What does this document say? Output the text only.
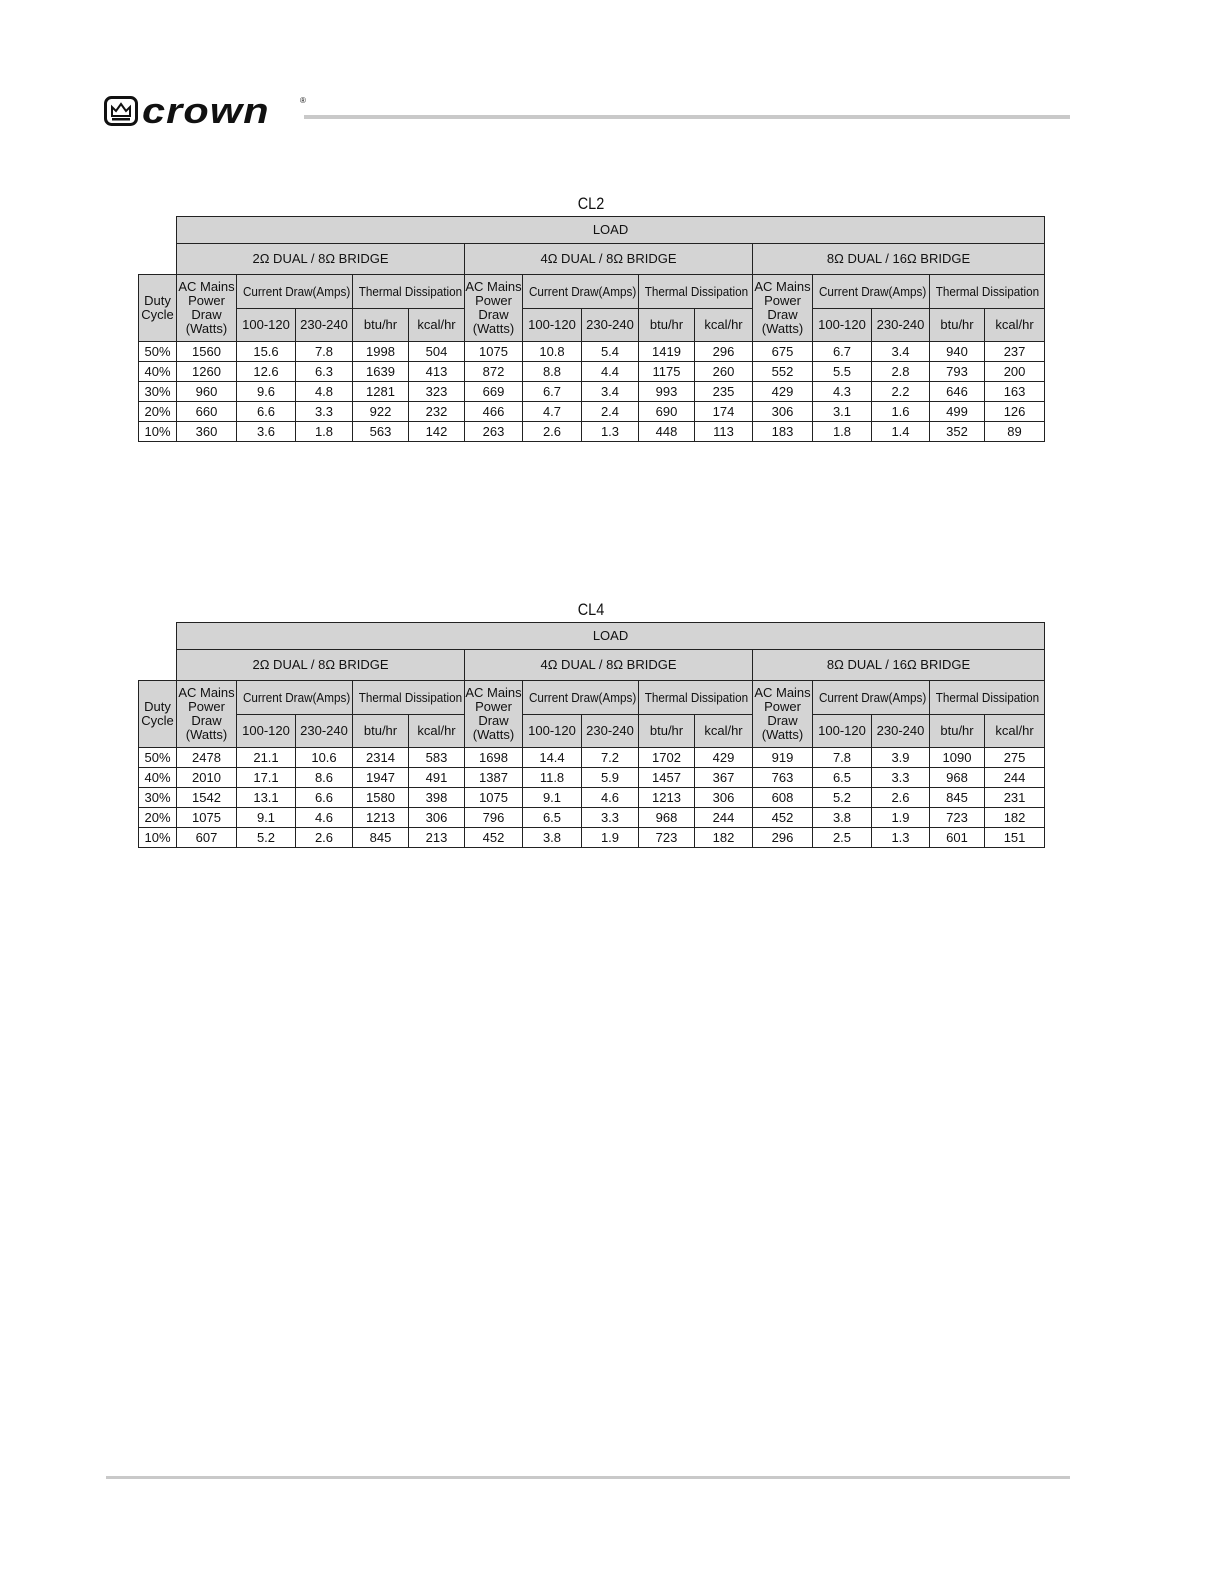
crown	®
CL2
	LOAD														
	2Ω DUAL / 8Ω BRIDGE					4Ω DUAL / 8Ω BRIDGE					8Ω DUAL / 16Ω BRIDGE				
Duty Cycle	AC Mains Power Draw (Watts)	Current Draw(Amps)		Thermal Dissipation		AC Mains Power Draw (Watts)	Current Draw(Amps)		Thermal Dissipation		AC Mains Power Draw (Watts)	Current Draw(Amps)		Thermal Dissipation	
		100-120	230-240	btu/hr	kcal/hr		100-120	230-240	btu/hr	kcal/hr		100-120	230-240	btu/hr	kcal/hr
50%	1560	15.6	7.8	1998	504	1075	10.8	5.4	1419	296	675	6.7	3.4	940	237
40%	1260	12.6	6.3	1639	413	872	8.8	4.4	1175	260	552	5.5	2.8	793	200
30%	960	9.6	4.8	1281	323	669	6.7	3.4	993	235	429	4.3	2.2	646	163
20%	660	6.6	3.3	922	232	466	4.7	2.4	690	174	306	3.1	1.6	499	126
10%	360	3.6	1.8	563	142	263	2.6	1.3	448	113	183	1.8	1.4	352	89
CL4
	LOAD														
	2Ω DUAL / 8Ω BRIDGE					4Ω DUAL / 8Ω BRIDGE					8Ω DUAL / 16Ω BRIDGE				
Duty Cycle	AC Mains Power Draw (Watts)	Current Draw(Amps)		Thermal Dissipation		AC Mains Power Draw (Watts)	Current Draw(Amps)		Thermal Dissipation		AC Mains Power Draw (Watts)	Current Draw(Amps)		Thermal Dissipation	
		100-120	230-240	btu/hr	kcal/hr		100-120	230-240	btu/hr	kcal/hr		100-120	230-240	btu/hr	kcal/hr
50%	2478	21.1	10.6	2314	583	1698	14.4	7.2	1702	429	919	7.8	3.9	1090	275
40%	2010	17.1	8.6	1947	491	1387	11.8	5.9	1457	367	763	6.5	3.3	968	244
30%	1542	13.1	6.6	1580	398	1075	9.1	4.6	1213	306	608	5.2	2.6	845	231
20%	1075	9.1	4.6	1213	306	796	6.5	3.3	968	244	452	3.8	1.9	723	182
10%	607	5.2	2.6	845	213	452	3.8	1.9	723	182	296	2.5	1.3	601	151
